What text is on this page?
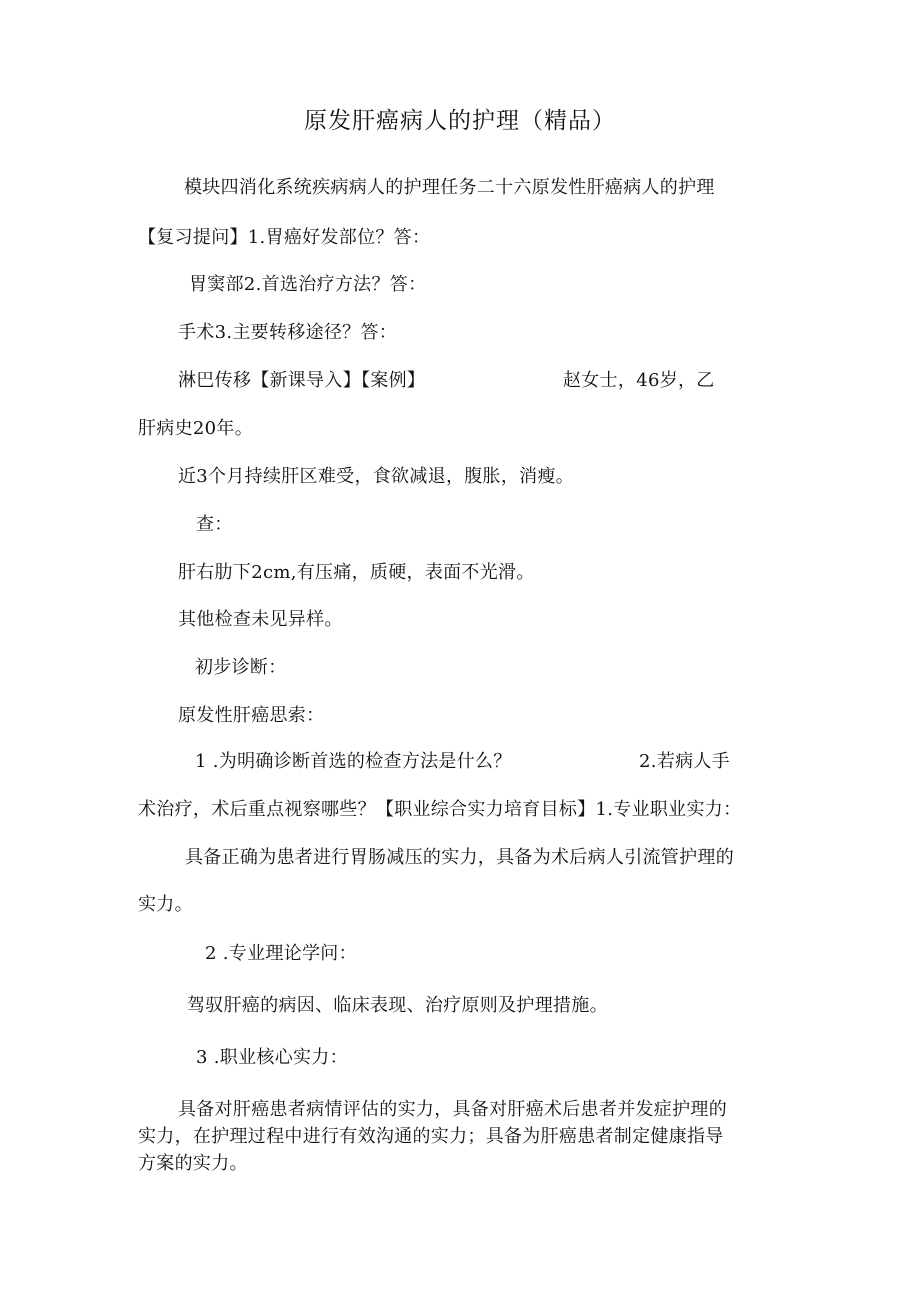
原发肝癌病人的护理（精品）
模块四消化系统疾病病人的护理任务二十六原发性肝癌病人的护理
【复习提问】1.胃癌好发部位？答：
胃窦部2.首选治疗方法？答：
手术3.主要转移途径？答：
淋巴传移【新课导入】【案例】	赵女士，46岁，乙
肝病史20年。
近3个月持续肝区难受，食欲减退，腹胀，消瘦。
查：
肝右肋下2cm,有压痛，质硬，表面不光滑。
其他检查未见异样。
初步诊断：
原发性肝癌思索：
1 .为明确诊断首选的检查方法是什么？	2.若病人手
术治疗，术后重点视察哪些？【职业综合实力培育目标】1.专业职业实力：
具备正确为患者进行胃肠减压的实力，具备为术后病人引流管护理的
实力。
2 .专业理论学问：
驾驭肝癌的病因、临床表现、治疗原则及护理措施。
3 .职业核心实力：
具备对肝癌患者病情评估的实力，具备对肝癌术后患者并发症护理的
实力，在护理过程中进行有效沟通的实力；具备为肝癌患者制定健康指导
方案的实力。
